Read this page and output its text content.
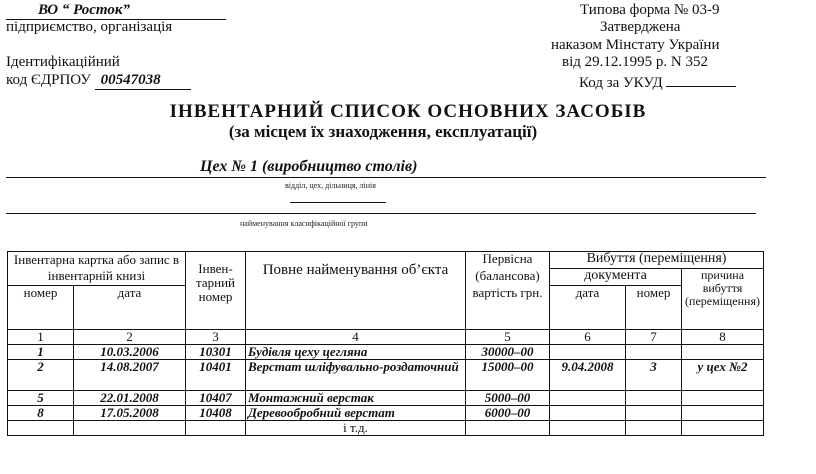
ВО “ Росток”
підприємство, організація
Ідентифікаційний
код ЄДРПОУ 00547038
Типова форма № 03-9
Затверджена
наказом Мінстату України
від 29.12.1995 р. N 352
Код за УКУД
ІНВЕНТАРНИЙ СПИСОК ОСНОВНИХ ЗАСОБІВ
(за місцем їх знаходження, експлуатації)
Цех № 1 (виробництво столів)
відділ, цех, дільниця, лінія
найменування класифікаційної групи
Інвентарна картка або запис в інвентарній книзі		Інвен-тарний номер	Повне найменування об’єкта	Первісна	Вибуття (переміщення)		
				(балансова)	документа		причина
вибуття (переміщення)
номер	дата			вартість грн.	дата	номер	
1	2	3	4	5	6	7	8
1	10.03.2006	10301	Будівля цеху цегляна	30000–00			
2	14.08.2007	10401	Верстат шліфувально-роздаточний	15000–00	9.04.2008	3	у цех №2
5	22.01.2008	10407	Монтажний верстак	5000–00			
8	17.05.2008	10408	Деревообробний верстат	6000–00			
			і т.д.				
